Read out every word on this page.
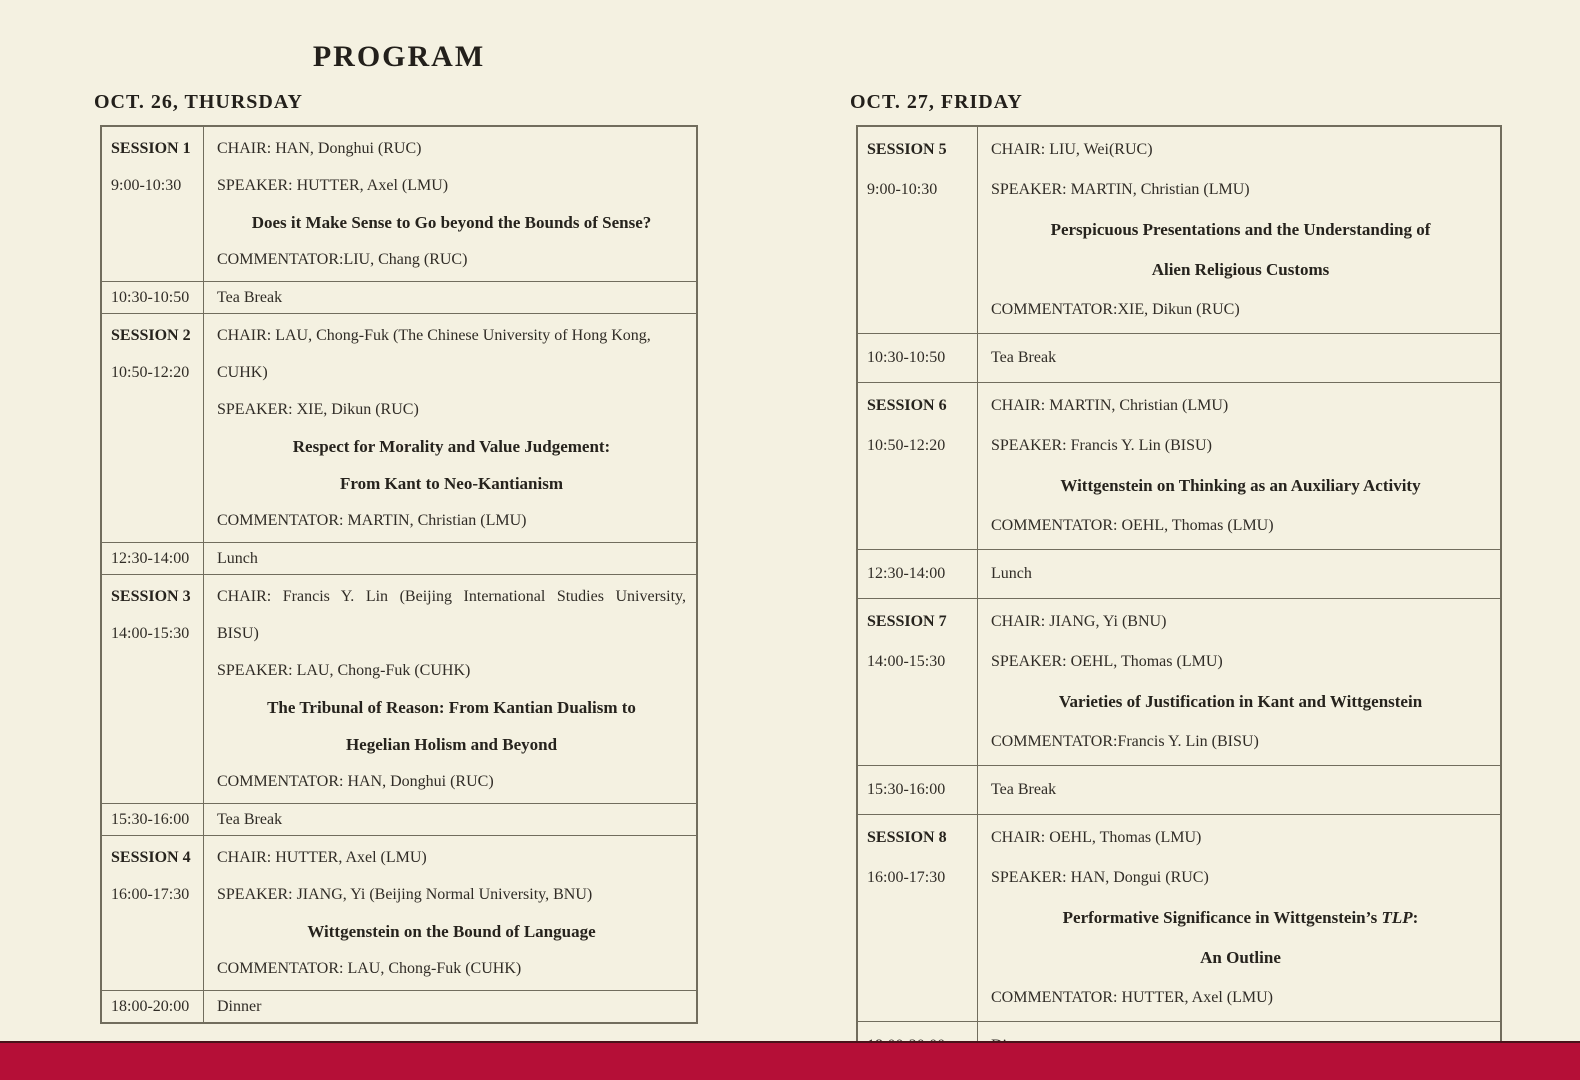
PROGRAM
OCT. 26, THURSDAY
SESSION 1
9:00-10:30

CHAIR: HAN, Donghui (RUC)
SPEAKER: HUTTER, Axel (LMU)
Does it Make Sense to Go beyond the Bounds of Sense?
COMMENTATOR:LIU, Chang (RUC)

10:30-10:50	Tea Break

SESSION 2
10:50-12:20

CHAIR: LAU, Chong-Fuk (The Chinese University of Hong Kong,
CUHK)
SPEAKER: XIE, Dikun (RUC)
Respect for Morality and Value Judgement:
From Kant to Neo-Kantianism
COMMENTATOR: MARTIN, Christian (LMU)

12:30-14:00	Lunch

SESSION 3
14:00-15:30

CHAIR: Francis Y. Lin (Beijing International Studies University,
BISU)
SPEAKER: LAU, Chong-Fuk (CUHK)
The Tribunal of Reason: From Kantian Dualism to
Hegelian Holism and Beyond
COMMENTATOR: HAN, Donghui (RUC)

15:30-16:00	Tea Break

SESSION 4
16:00-17:30

CHAIR: HUTTER, Axel (LMU)
SPEAKER: JIANG, Yi (Beijing Normal University, BNU)
Wittgenstein on the Bound of Language
COMMENTATOR: LAU, Chong-Fuk (CUHK)

18:00-20:00	Dinner
OCT. 27, FRIDAY
SESSION 5
9:00-10:30

CHAIR: LIU, Wei(RUC)
SPEAKER: MARTIN, Christian (LMU)
Perspicuous Presentations and the Understanding of
Alien Religious Customs
COMMENTATOR:XIE, Dikun (RUC)

10:30-10:50	Tea Break

SESSION 6
10:50-12:20

CHAIR: MARTIN, Christian (LMU)
SPEAKER: Francis Y. Lin (BISU)
Wittgenstein on Thinking as an Auxiliary Activity
COMMENTATOR: OEHL, Thomas (LMU)

12:30-14:00	Lunch

SESSION 7
14:00-15:30

CHAIR: JIANG, Yi (BNU)
SPEAKER: OEHL, Thomas (LMU)
Varieties of Justification in Kant and Wittgenstein
COMMENTATOR:Francis Y. Lin (BISU)

15:30-16:00	Tea Break

SESSION 8
16:00-17:30

CHAIR: OEHL, Thomas (LMU)
SPEAKER: HAN, Dongui (RUC)
Performative Significance in Wittgenstein’s TLP:
An Outline
COMMENTATOR: HUTTER, Axel (LMU)
